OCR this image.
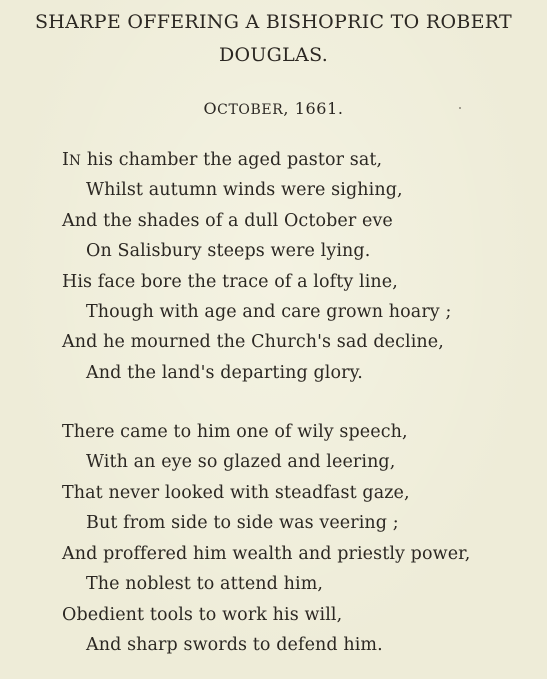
SHARPE OFFERING A BISHOPRIC TO ROBERT
DOUGLAS.
OCTOBER, 1661.
IN his chamber the aged pastor sat,
Whilst autumn winds were sighing,
And the shades of a dull October eve
On Salisbury steeps were lying.
His face bore the trace of a lofty line,
Though with age and care grown hoary ;
And he mourned the Church's sad decline,
And the land's departing glory.
There came to him one of wily speech,
With an eye so glazed and leering,
That never looked with steadfast gaze,
But from side to side was veering ;
And proffered him wealth and priestly power,
The noblest to attend him,
Obedient tools to work his will,
And sharp swords to defend him.
